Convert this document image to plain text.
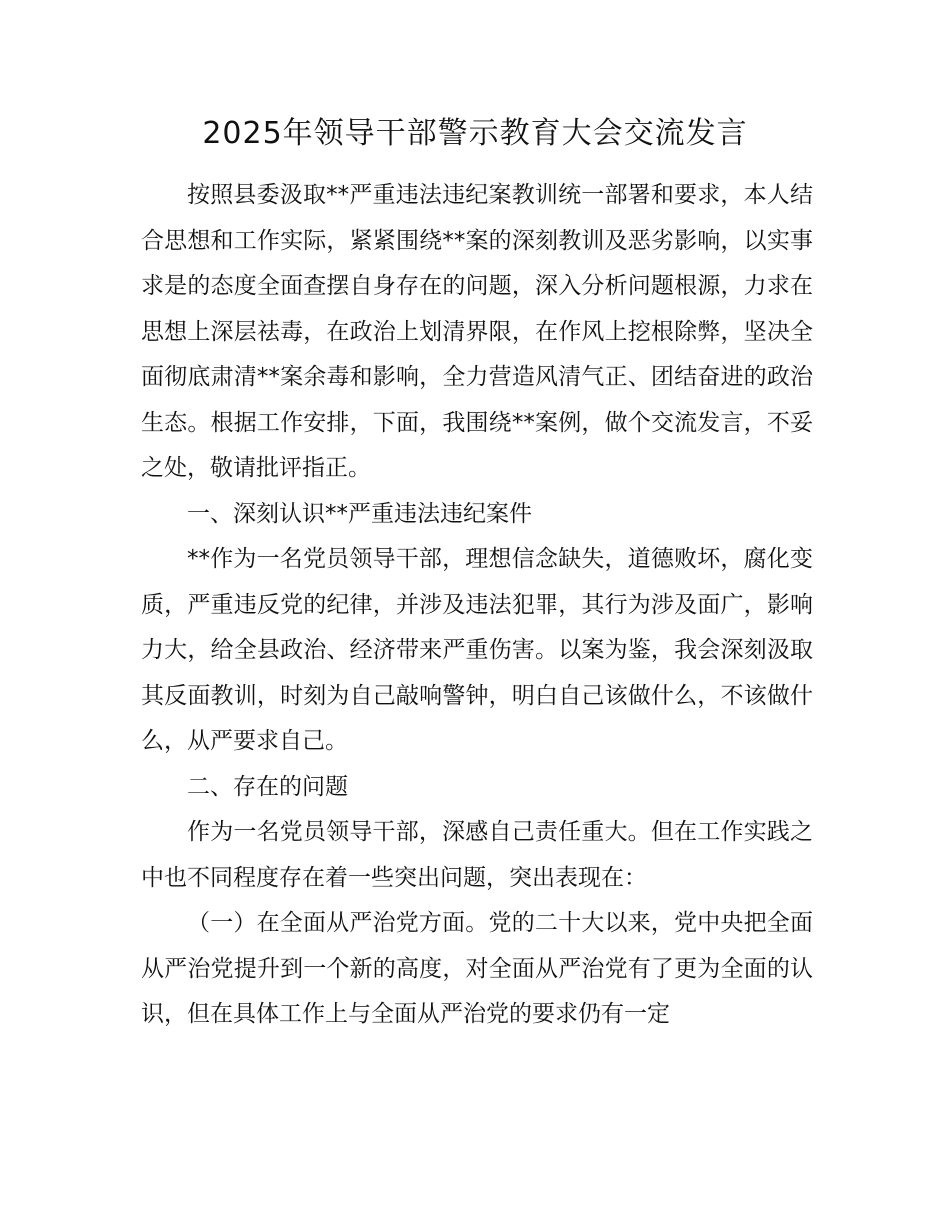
2025年领导干部警示教育大会交流发言

按照县委汲取**严重违法违纪案教训统一部署和要求，本人结合思想和工作实际，紧紧围绕**案的深刻教训及恶劣影响，以实事求是的态度全面查摆自身存在的问题，深入分析问题根源，力求在思想上深层祛毒，在政治上划清界限，在作风上挖根除弊，坚决全面彻底肃清**案余毒和影响，全力营造风清气正、团结奋进的政治生态。根据工作安排，下面，我围绕**案例，做个交流发言，不妥之处，敬请批评指正。

一、深刻认识**严重违法违纪案件

**作为一名党员领导干部，理想信念缺失，道德败坏，腐化变质，严重违反党的纪律，并涉及违法犯罪，其行为涉及面广，影响力大，给全县政治、经济带来严重伤害。以案为鉴，我会深刻汲取其反面教训，时刻为自己敲响警钟，明白自己该做什么，不该做什么，从严要求自己。

二、存在的问题

作为一名党员领导干部，深感自己责任重大。但在工作实践之中也不同程度存在着一些突出问题，突出表现在：

（一）在全面从严治党方面。党的二十大以来，党中央把全面从严治党提升到一个新的高度，对全面从严治党有了更为全面的认识，但在具体工作上与全面从严治党的要求仍有一定
